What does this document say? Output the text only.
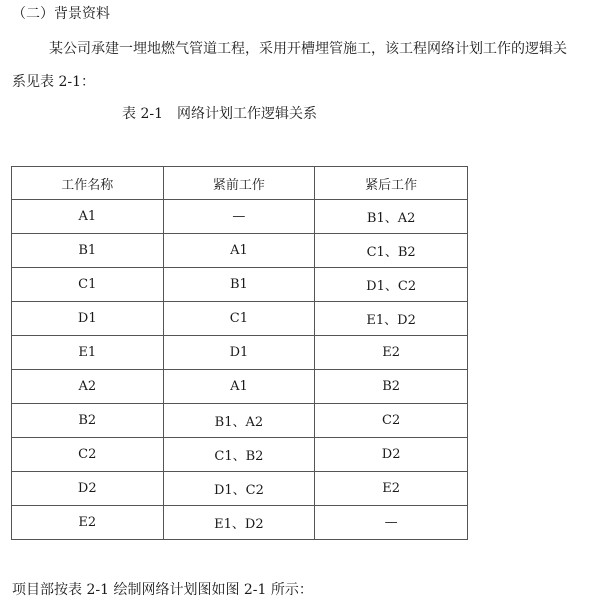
（二）背景资料
某公司承建一埋地燃气管道工程，采用开槽埋管施工，该工程网络计划工作的逻辑关
系见表 2-1：
表 2-1　网络计划工作逻辑关系
工作名称	紧前工作	紧后工作
A1	—	B1、A2
B1	A1	C1、B2
C1	B1	D1、C2
D1	C1	E1、D2
E1	D1	E2
A2	A1	B2
B2	B1、A2	C2
C2	C1、B2	D2
D2	D1、C2	E2
E2	E1、D2	—
项目部按表 2-1 绘制网络计划图如图 2-1 所示：
